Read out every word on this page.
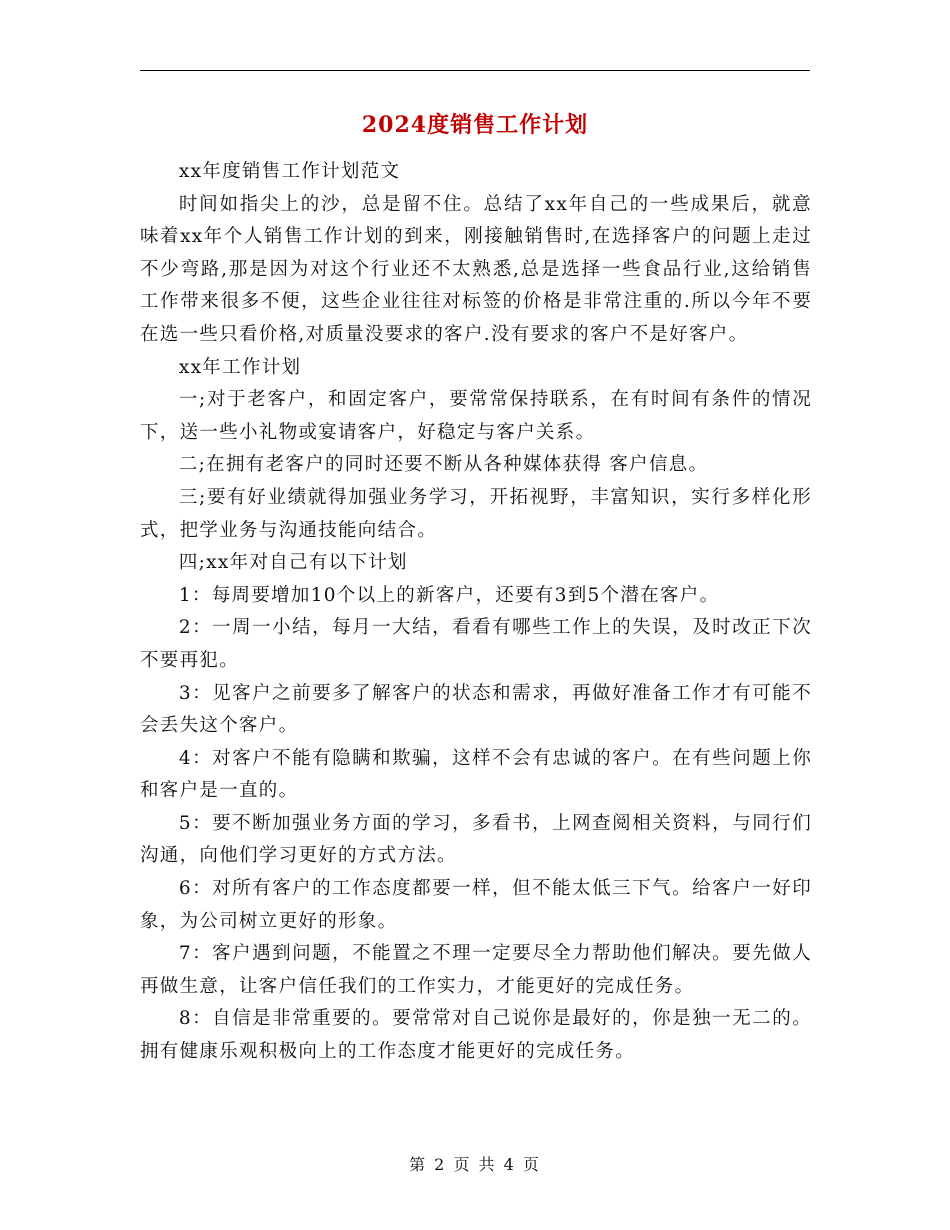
2024度销售工作计划

xx年度销售工作计划范文

时间如指尖上的沙，总是留不住。总结了xx年自己的一些成果后，就意味着xx年个人销售工作计划的到来，刚接触销售时,在选择客户的问题上走过不少弯路,那是因为对这个行业还不太熟悉,总是选择一些食品行业,这给销售工作带来很多不便，这些企业往往对标签的价格是非常注重的.所以今年不要在选一些只看价格,对质量没要求的客户.没有要求的客户不是好客户。

xx年工作计划

一;对于老客户，和固定客户，要常常保持联系，在有时间有条件的情况下，送一些小礼物或宴请客户，好稳定与客户关系。

二;在拥有老客户的同时还要不断从各种媒体获得 客户信息。

三;要有好业绩就得加强业务学习，开拓视野，丰富知识，实行多样化形式，把学业务与沟通技能向结合。

四;xx年对自己有以下计划

1：每周要增加10个以上的新客户，还要有3到5个潜在客户。

2：一周一小结，每月一大结，看看有哪些工作上的失误，及时改正下次不要再犯。

3：见客户之前要多了解客户的状态和需求，再做好准备工作才有可能不会丢失这个客户。

4：对客户不能有隐瞒和欺骗，这样不会有忠诚的客户。在有些问题上你和客户是一直的。

5：要不断加强业务方面的学习，多看书，上网查阅相关资料，与同行们沟通，向他们学习更好的方式方法。

6：对所有客户的工作态度都要一样，但不能太低三下气。给客户一好印象，为公司树立更好的形象。

7：客户遇到问题，不能置之不理一定要尽全力帮助他们解决。要先做人再做生意，让客户信任我们的工作实力，才能更好的完成任务。

8：自信是非常重要的。要常常对自己说你是最好的，你是独一无二的。拥有健康乐观积极向上的工作态度才能更好的完成任务。

第 2 页 共 4 页
